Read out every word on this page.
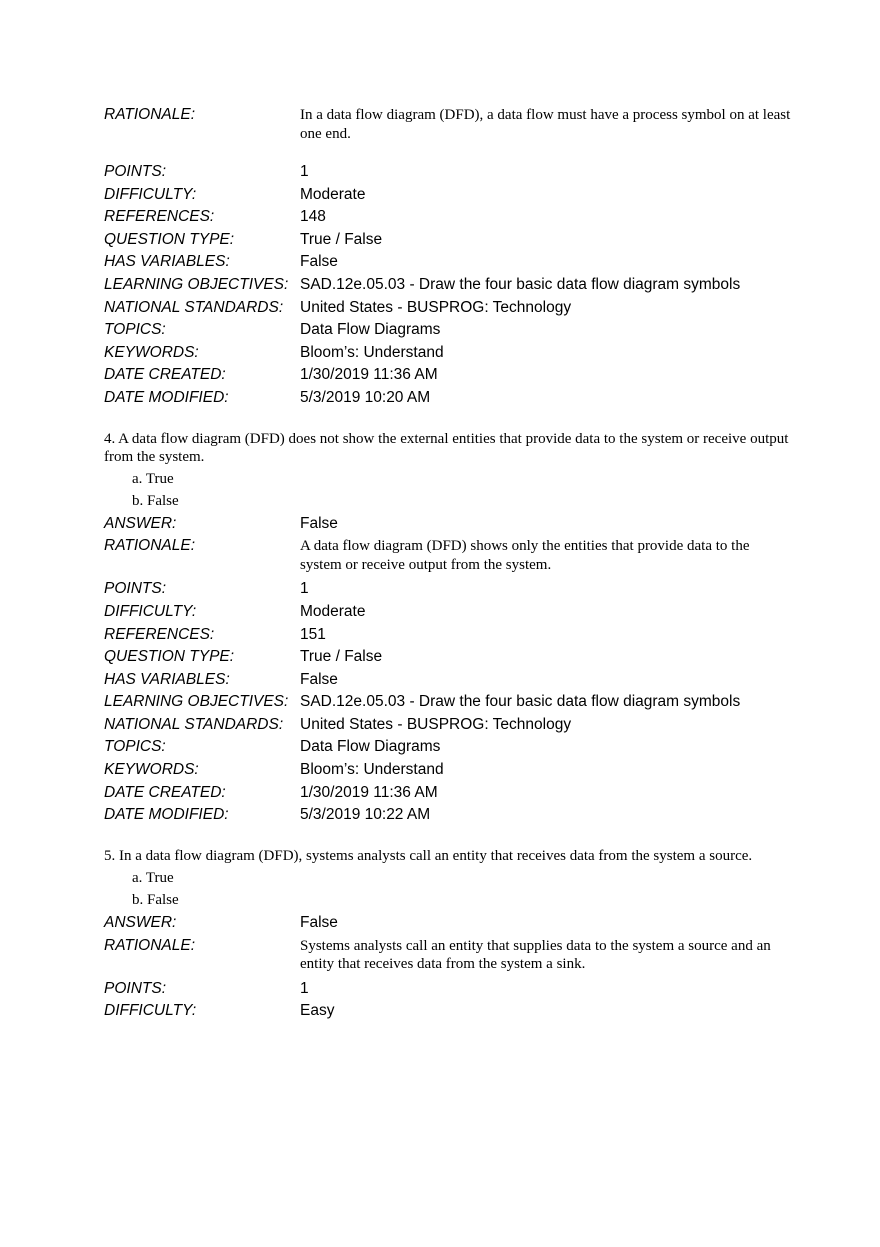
RATIONALE:	In a data flow diagram (DFD), a data flow must have a process symbol on at least one end.
POINTS:	1
DIFFICULTY:	Moderate
REFERENCES:	148
QUESTION TYPE:	True / False
HAS VARIABLES:	False
LEARNING OBJECTIVES: SAD.12e.05.03 - Draw the four basic data flow diagram symbols
NATIONAL STANDARDS:	United States - BUSPROG: Technology
TOPICS:	Data Flow Diagrams
KEYWORDS:	Bloom’s: Understand
DATE CREATED:	1/30/2019 11:36 AM
DATE MODIFIED:	5/3/2019 10:20 AM
4. A data flow diagram (DFD) does not show the external entities that provide data to the system or receive output from the system.
a. True
b. False
ANSWER:	False
RATIONALE:	A data flow diagram (DFD) shows only the entities that provide data to the system or receive output from the system.
POINTS:	1
DIFFICULTY:	Moderate
REFERENCES:	151
QUESTION TYPE:	True / False
HAS VARIABLES:	False
LEARNING OBJECTIVES: SAD.12e.05.03 - Draw the four basic data flow diagram symbols
NATIONAL STANDARDS:	United States - BUSPROG: Technology
TOPICS:	Data Flow Diagrams
KEYWORDS:	Bloom’s: Understand
DATE CREATED:	1/30/2019 11:36 AM
DATE MODIFIED:	5/3/2019 10:22 AM
5. In a data flow diagram (DFD), systems analysts call an entity that receives data from the system a source.
a. True
b. False
ANSWER:	False
RATIONALE:	Systems analysts call an entity that supplies data to the system a source and an entity that receives data from the system a sink.
POINTS:	1
DIFFICULTY:	Easy
